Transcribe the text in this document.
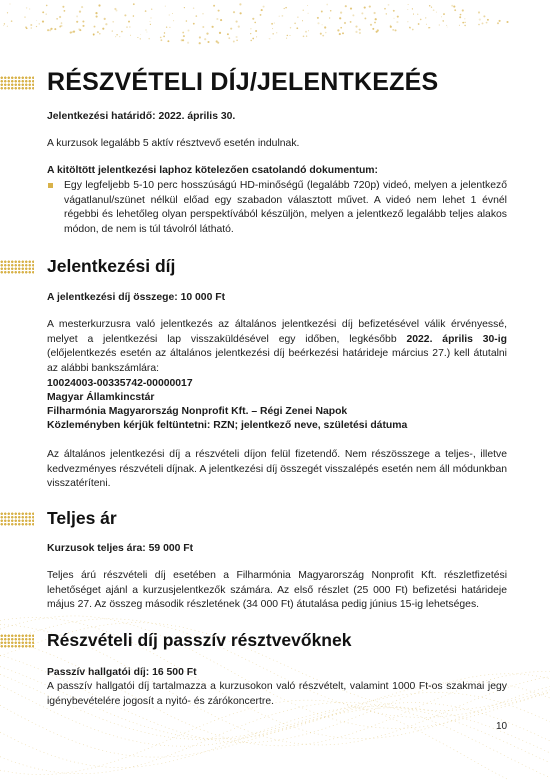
RÉSZVÉTELI DÍJ/JELENTKEZÉS

Jelentkezési határidő: 2022. április 30.

A kurzusok legalább 5 aktív résztvevő esetén indulnak.

A kitöltött jelentkezési laphoz kötelezően csatolandó dokumentum:

Egy legfeljebb 5-10 perc hosszúságú HD-minőségű (legalább 720p) videó, melyen a jelentkező vágatlanul/szünet nélkül előad egy szabadon választott művet. A videó nem lehet 1 évnél régebbi és lehetőleg olyan perspektívából készüljön, melyen a jelentkező legalább teljes alakos módon, de nem is túl távolról látható.

Jelentkezési díj

A jelentkezési díj összege: 10 000 Ft

A mesterkurzusra való jelentkezés az általános jelentkezési díj befizetésével válik érvényessé, melyet a jelentkezési lap visszaküldésével egy időben, legkésőbb 2022. április 30-ig (előjelentkezés esetén az általános jelentkezési díj beérkezési határideje március 27.) kell átutalni az alábbi bankszámlára:

10024003-00335742-00000017

Magyar Államkincstár

Filharmónia Magyarország Nonprofit Kft. – Régi Zenei Napok

Közleményben kérjük feltüntetni: RZN; jelentkező neve, születési dátuma

Az általános jelentkezési díj a részvételi díjon felül fizetendő. Nem részösszege a teljes-, illetve kedvezményes részvételi díjnak. A jelentkezési díj összegét visszalépés esetén nem áll módunkban visszatéríteni.

Teljes ár

Kurzusok teljes ára: 59 000 Ft

Teljes árú részvételi díj esetében a Filharmónia Magyarország Nonprofit Kft. részletfizetési lehetőséget ajánl a kurzusjelentkezők számára. Az első részlet (25 000 Ft) befizetési határideje május 27. Az összeg második részletének (34 000 Ft) átutalása pedig június 15-ig lehetséges.

Részvételi díj passzív résztvevőknek

Passzív hallgatói díj: 16 500 Ft

A passzív hallgatói díj tartalmazza a kurzusokon való részvételt, valamint 1000 Ft-os szakmai jegy igénybevételére jogosít a nyitó- és zárókoncertre.

10
